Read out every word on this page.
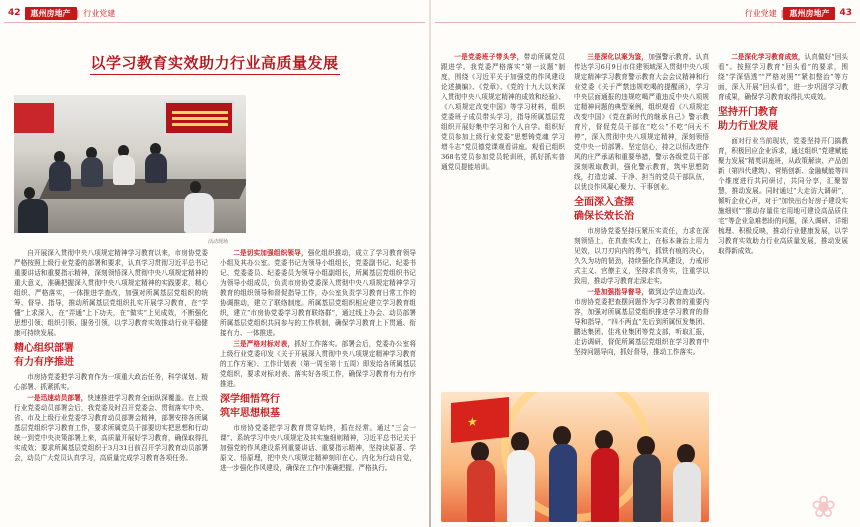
42	惠州房地产 | 行业党建
以学习教育实效助力行业高质量发展
活动现场

自开展深入贯彻中央八项规定精神学习教育以来，市房协党委严格按照上级行业党委的部署和要求，认真学习贯彻习近平总书记重要讲话和重要指示精神，深刻领悟深入贯彻中央八项规定精神的重大意义，准确把握深入贯彻中央八项规定精神的实践要求，精心组织、严格落实，一体推进学查改，加强对所属基层党组织的统筹、督导、指导，推动所属基层党组织扎实开展学习教育，在“学懂”上求深入，在“弄通”上下功夫，在“做实”上见成效，不断强化思想引领、组织引领、服务引领，以学习教育实效推动行业平稳健康可持续发展。

精心组织部署
有力有序推进

市房协党委把学习教育作为一项重大政治任务，科学谋划、精心部署、抓紧抓实。

一是迅速动员部署，快速推进学习教育全面纵深覆盖。在上级行业党委动员部署会后，我党委及时召开党委会、贯彻落实中央、省、市及上级行业党委学习教育动员部署会精神，部署安排各所属基层党组织学习教育工作，要求所属党员干部要切实把思想和行动统一到党中央决策部署上来，高质量开展好学习教育，确保取得扎实成效；要求所属基层党组织于3月31日前召开学习教育动员部署会，动员广大党员认真学习，高质量完成学习教育各项任务。

二是切实加强组织领导，强化组织推动，成立了学习教育领导小组及其办公室。党委书记为领导小组组长，党委副书记、纪委书记、党委委员、纪委委员为领导小组副组长，所属基层党组织书记为领导小组成员，负责市房协党委深入贯彻中央八项规定精神学习教育的组织领导和督促指导工作，办公室负责学习教育日常工作的协调推动，建立了联络制度。所属基层党组织相应建立学习教育组织，建立“市房协党委学习教育联络群”，通过线上办会、动员部署所属基层党组织共同参与的工作机制，确保学习教育上下贯通、衔接有力、一体推进。

三是严格对标对表，抓好工作落实。部署会后，党委办公室将上级行业党委印发《关于开展深入贯彻中央八项规定精神学习教育的工作方案》、工作计划表（第一周至第十五周）即发给各所属基层党组织，要求对标对表、落实好各项工作，确保学习教育有力有序推进。

深学细悟笃行
筑牢思想根基

市房协党委把学习教育贯穿始终，抓在经常。通过“三会一课”、系统学习中央八项规定及其实施细则精神，习近平总书记关于加强党的作风建设系列重要讲话、重要指示精神，坚持读原著、学原文、悟原理，把中央八项规定精神刻印在心、内化为行动自觉，进一步强化作风建设，确保在工作中准确把握、严格执行。

行业党建 | 惠州房地产	43

一是党委班子带头学，带动所属党员跟进学。我党委严格落实“第一议题”制度，围绕《习近平关于加强党的作风建设论述摘编》、《党章》、《党的十九大以来深入贯彻中央八项规定精神的成效和经验》、《八项规定改变中国》等学习材料，组织党委班子成员带头学习，指导所属基层党组织开展好集中学习和个人自学。组织好党员参加上级行业党委“思想铸党魂 学习增斗志”党员德党课观看讲座。观看已组织368名党员参加党员轮训班，抓好抓实普通党员提能培训。

三是深化以案为鉴，加强警示教育。认真传达学习6月9日市住建领域深入贯彻中央八项规定精神学习教育警示教育大会会议精神和行业党委《关于严禁违规吃喝的提醒函》，学习中央层面通报的违规吃喝严重违反中央八项规定精神问题的典型案例，组织观看《八项规定改变中国》《党在新时代的继承自己》警示教育片，督促党员干部在“吃公”不吃“问天不停”，深入贯彻中央八项规定精神，深刻领悟党中央一切部署、坚定信心，持之以恒改进作风的庄严承诺和重要举措，警示各级党员干部深刻吸取教训，强化警示教育，筑牢思想防线，打造忠诚、干净、担当的党员干部队伍，以优良作风凝心聚力、干事创业。

全面深入查摆
确保长效长治

市房协党委坚持压紧压实责任，力求在深刻领悟上，在真查实改上，在标本兼治上用力见效，以刀刃向内的勇气，抓铁有痕的决心，久久为功的韧劲，持续强化作风建设，力戒形式主义、官僚主义，坚持求真务实，注重学以致用，推动学习教育走深走实。

一是加强指导督导，做到边学边查边改。市房协党委把查摆问题作为学习教育的重要内容，加强对所属基层党组织推进学习教育的督导和指导，“四不两直”先后到所属恒发集团、鹏达集团、佳兆业集团等党支部，听取汇报，走访调研，督促所属基层党组织在学习教育中坚持问题导向，抓好督导，推动工作落实。

二是深化学习教育成效，认真做好“回头看”。按照学习教育“回头看”的要求，围绕“学深悟透”“严格对照”“紧扣整治”等方面，深入开展“回头看”，进一步巩固学习教育成果，确保学习教育取得扎实成效。

坚持开门教育
助力行业发展

面对行业当前现状，党委坚持开门搞教育，积极回应企业诉求，通过组织“党建赋能 聚力发展”精英讲座班，从政策解读、产品创新（第四代建筑）、营销创新、金融赋能等四个维度进行共同研讨，共同分享，汇聚智慧，推动发展。同时通过“大走访大调研”，倾听企业心声，对于“加快出台好房子建设实施细则”“推动存量住宅用地可建设高品质住宅”等企业急难愁盼的问题，深入调研、详细梳理、积极反映，推动行业健康发展，以学习教育实效助力行业高质量发展，推动发展取得新成效。

★
❀
